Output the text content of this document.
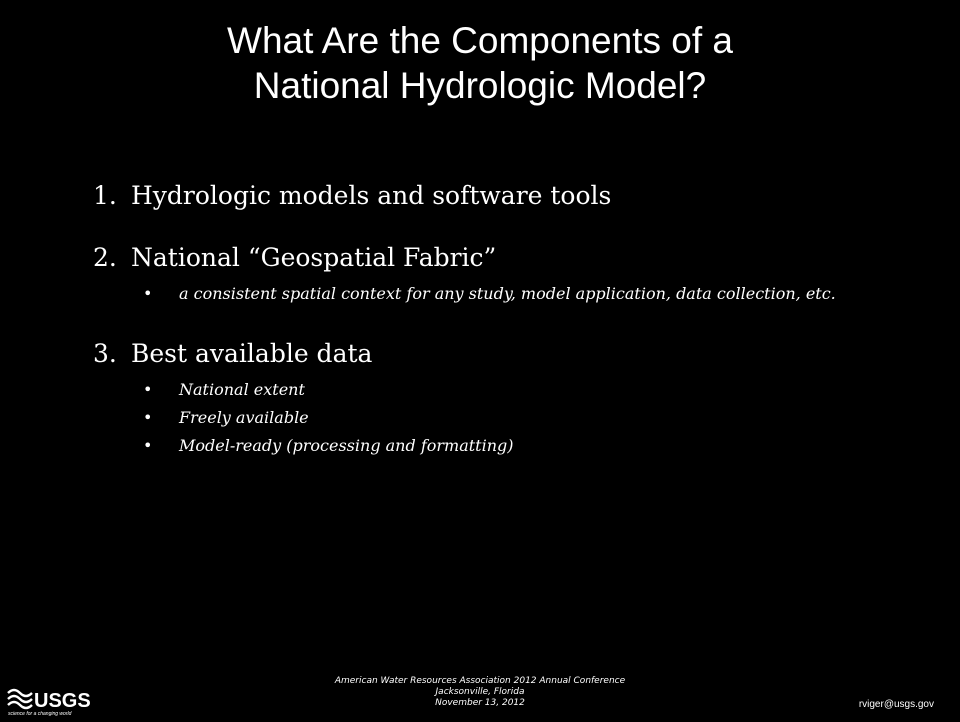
What Are the Components of a
National Hydrologic Model?
1. Hydrologic models and software tools
2. National “Geospatial Fabric”
• a consistent spatial context for any study, model application, data collection, etc.
3. Best available data
• National extent
• Freely available
• Model-ready (processing and formatting)
USGS
science for a changing world
American Water Resources Association 2012 Annual Conference
Jacksonville, Florida
November 13, 2012	rviger@usgs.gov
